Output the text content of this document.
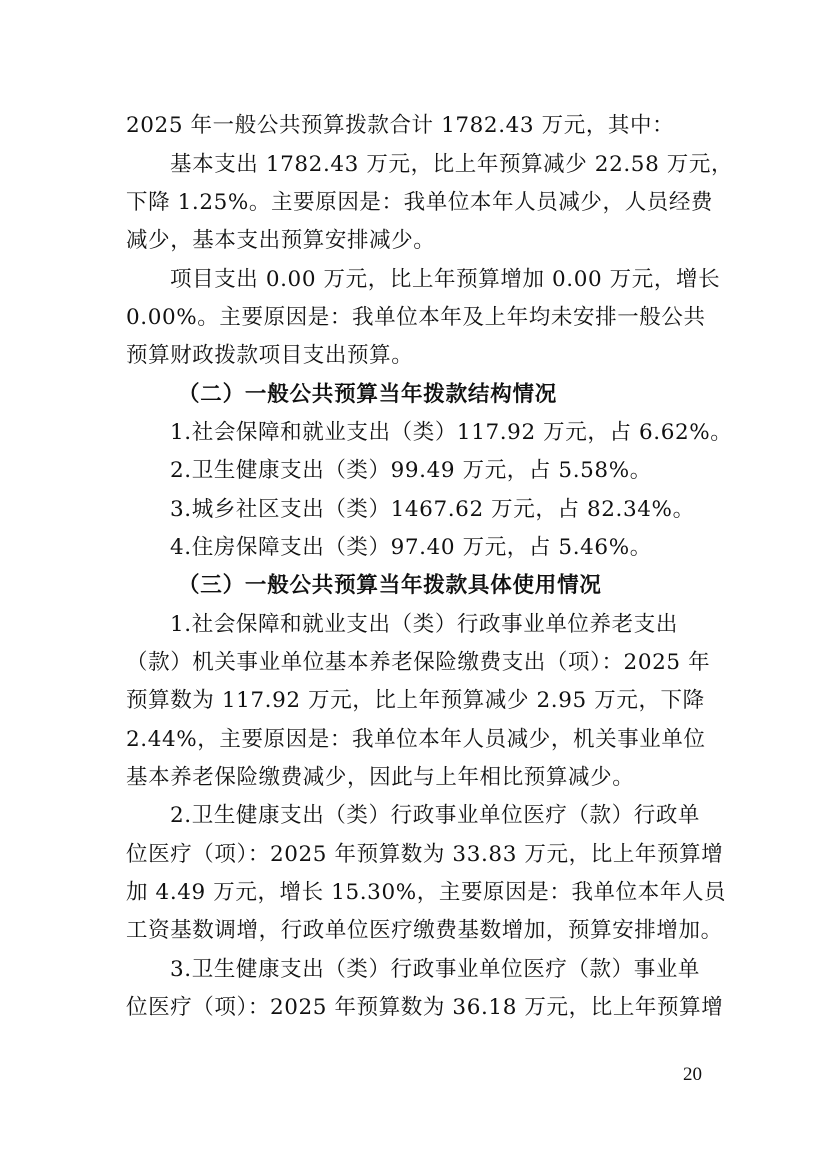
2025 年一般公共预算拨款合计 1782.43 万元，其中：
基本支出 1782.43 万元，比上年预算减少 22.58 万元，
下降 1.25%。主要原因是：我单位本年人员减少，人员经费
减少，基本支出预算安排减少。
项目支出 0.00 万元，比上年预算增加 0.00 万元，增长
0.00%。主要原因是：我单位本年及上年均未安排一般公共
预算财政拨款项目支出预算。
（二）一般公共预算当年拨款结构情况
1.社会保障和就业支出（类）117.92 万元，占 6.62%。
2.卫生健康支出（类）99.49 万元，占 5.58%。
3.城乡社区支出（类）1467.62 万元，占 82.34%。
4.住房保障支出（类）97.40 万元，占 5.46%。
（三）一般公共预算当年拨款具体使用情况
1.社会保障和就业支出（类）行政事业单位养老支出
（款）机关事业单位基本养老保险缴费支出（项）：2025 年
预算数为 117.92 万元，比上年预算减少 2.95 万元，下降
2.44%，主要原因是：我单位本年人员减少，机关事业单位
基本养老保险缴费减少，因此与上年相比预算减少。
2.卫生健康支出（类）行政事业单位医疗（款）行政单
位医疗（项）：2025 年预算数为 33.83 万元，比上年预算增
加 4.49 万元，增长 15.30%，主要原因是：我单位本年人员
工资基数调增，行政单位医疗缴费基数增加，预算安排增加。
3.卫生健康支出（类）行政事业单位医疗（款）事业单
位医疗（项）：2025 年预算数为 36.18 万元，比上年预算增
20
